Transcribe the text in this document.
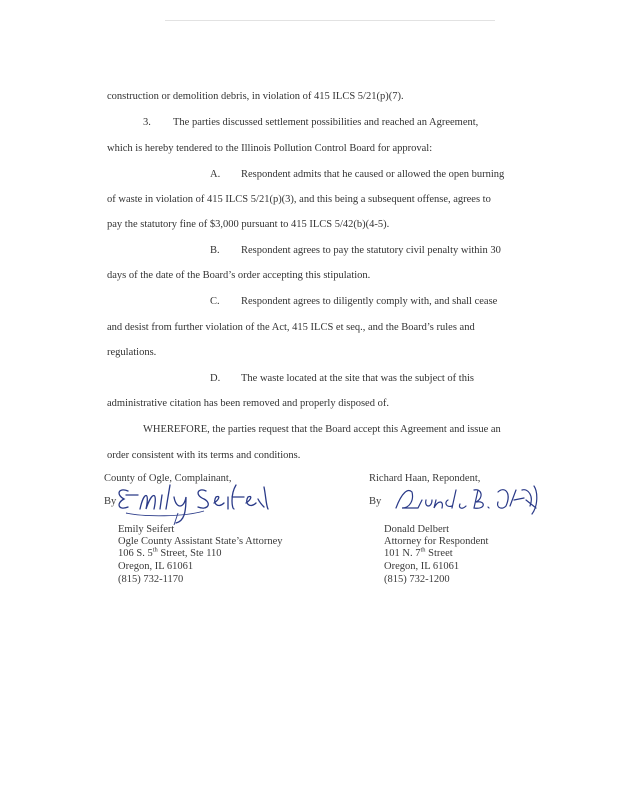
construction or demolition debris, in violation of 415 ILCS 5/21(p)(7).
3. The parties discussed settlement possibilities and reached an Agreement,
which is hereby tendered to the Illinois Pollution Control Board for approval:
A. Respondent admits that he caused or allowed the open burning
of waste in violation of 415 ILCS 5/21(p)(3), and this being a subsequent offense, agrees to
pay the statutory fine of $3,000 pursuant to 415 ILCS 5/42(b)(4-5).
B. Respondent agrees to pay the statutory civil penalty within 30
days of the date of the Board’s order accepting this stipulation.
C. Respondent agrees to diligently comply with, and shall cease
and desist from further violation of the Act, 415 ILCS et seq., and the Board’s rules and
regulations.
D. The waste located at the site that was the subject of this
administrative citation has been removed and properly disposed of.
WHEREFORE, the parties request that the Board accept this Agreement and issue an
order consistent with its terms and conditions.
County of Ogle, Complainant,
By
Emily Seifert
Ogle County Assistant State’s Attorney
106 S. 5th Street, Ste 110
Oregon, IL 61061
(815) 732-1170
Richard Haan, Repondent,
By
Donald Delbert
Attorney for Respondent
101 N. 7th Street
Oregon, IL 61061
(815) 732-1200
